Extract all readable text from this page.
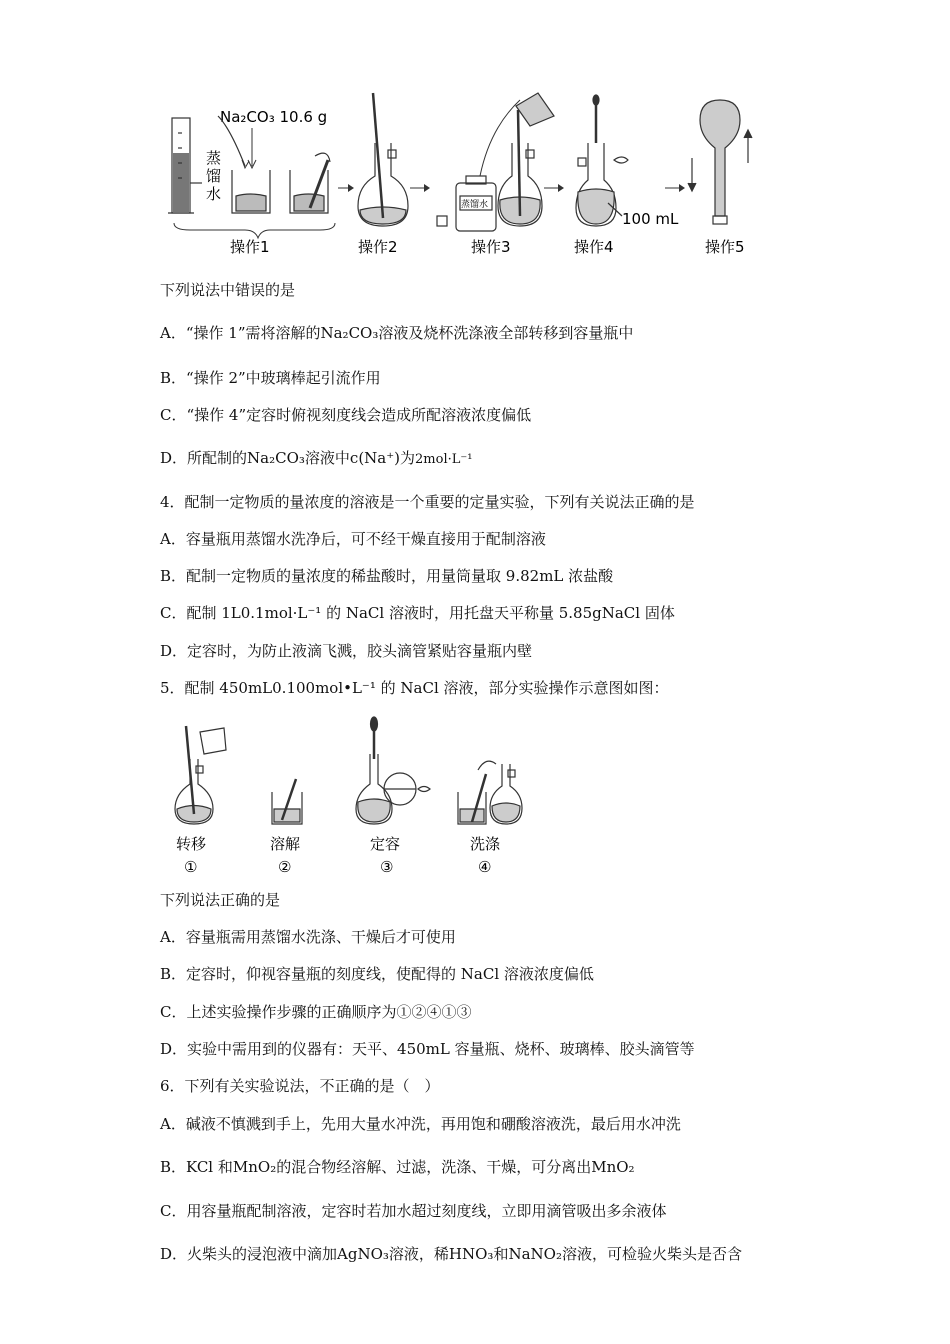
蒸
馏
水
Na₂CO₃ 10.6 g
操作1	操作2
蒸馏水
操作3
100 mL
操作4	操作5
下列说法中错误的是
A．“操作 1”需将溶解的Na₂CO₃溶液及烧杯洗涤液全部转移到容量瓶中
B．“操作 2”中玻璃棒起引流作用
C．“操作 4”定容时俯视刻度线会造成所配溶液浓度偏低
D．所配制的Na₂CO₃溶液中c(Na⁺)为2mol·L⁻¹
4．配制一定物质的量浓度的溶液是一个重要的定量实验，下列有关说法正确的是
A．容量瓶用蒸馏水洗净后，可不经干燥直接用于配制溶液
B．配制一定物质的量浓度的稀盐酸时，用量筒量取 9.82mL 浓盐酸
C．配制 1L0.1mol·L⁻¹ 的 NaCl 溶液时，用托盘天平称量 5.85gNaCl 固体
D．定容时，为防止液滴飞溅，胶头滴管紧贴容量瓶内壁
5．配制 450mL0.100mol•L⁻¹ 的 NaCl 溶液，部分实验操作示意图如图：
转移	溶解	定容	洗涤
①	②	③	④
下列说法正确的是
A．容量瓶需用蒸馏水洗涤、干燥后才可使用
B．定容时，仰视容量瓶的刻度线，使配得的 NaCl 溶液浓度偏低
C．上述实验操作步骤的正确顺序为①②④①③
D．实验中需用到的仪器有：天平、450mL 容量瓶、烧杯、玻璃棒、胶头滴管等
6．下列有关实验说法，不正确的是（　）
A．碱液不慎溅到手上，先用大量水冲洗，再用饱和硼酸溶液洗，最后用水冲洗
B．KCl 和MnO₂的混合物经溶解、过滤，洗涤、干燥，可分离出MnO₂
C．用容量瓶配制溶液，定容时若加水超过刻度线，立即用滴管吸出多余液体
D．火柴头的浸泡液中滴加AgNO₃溶液，稀HNO₃和NaNO₂溶液，可检验火柴头是否含
